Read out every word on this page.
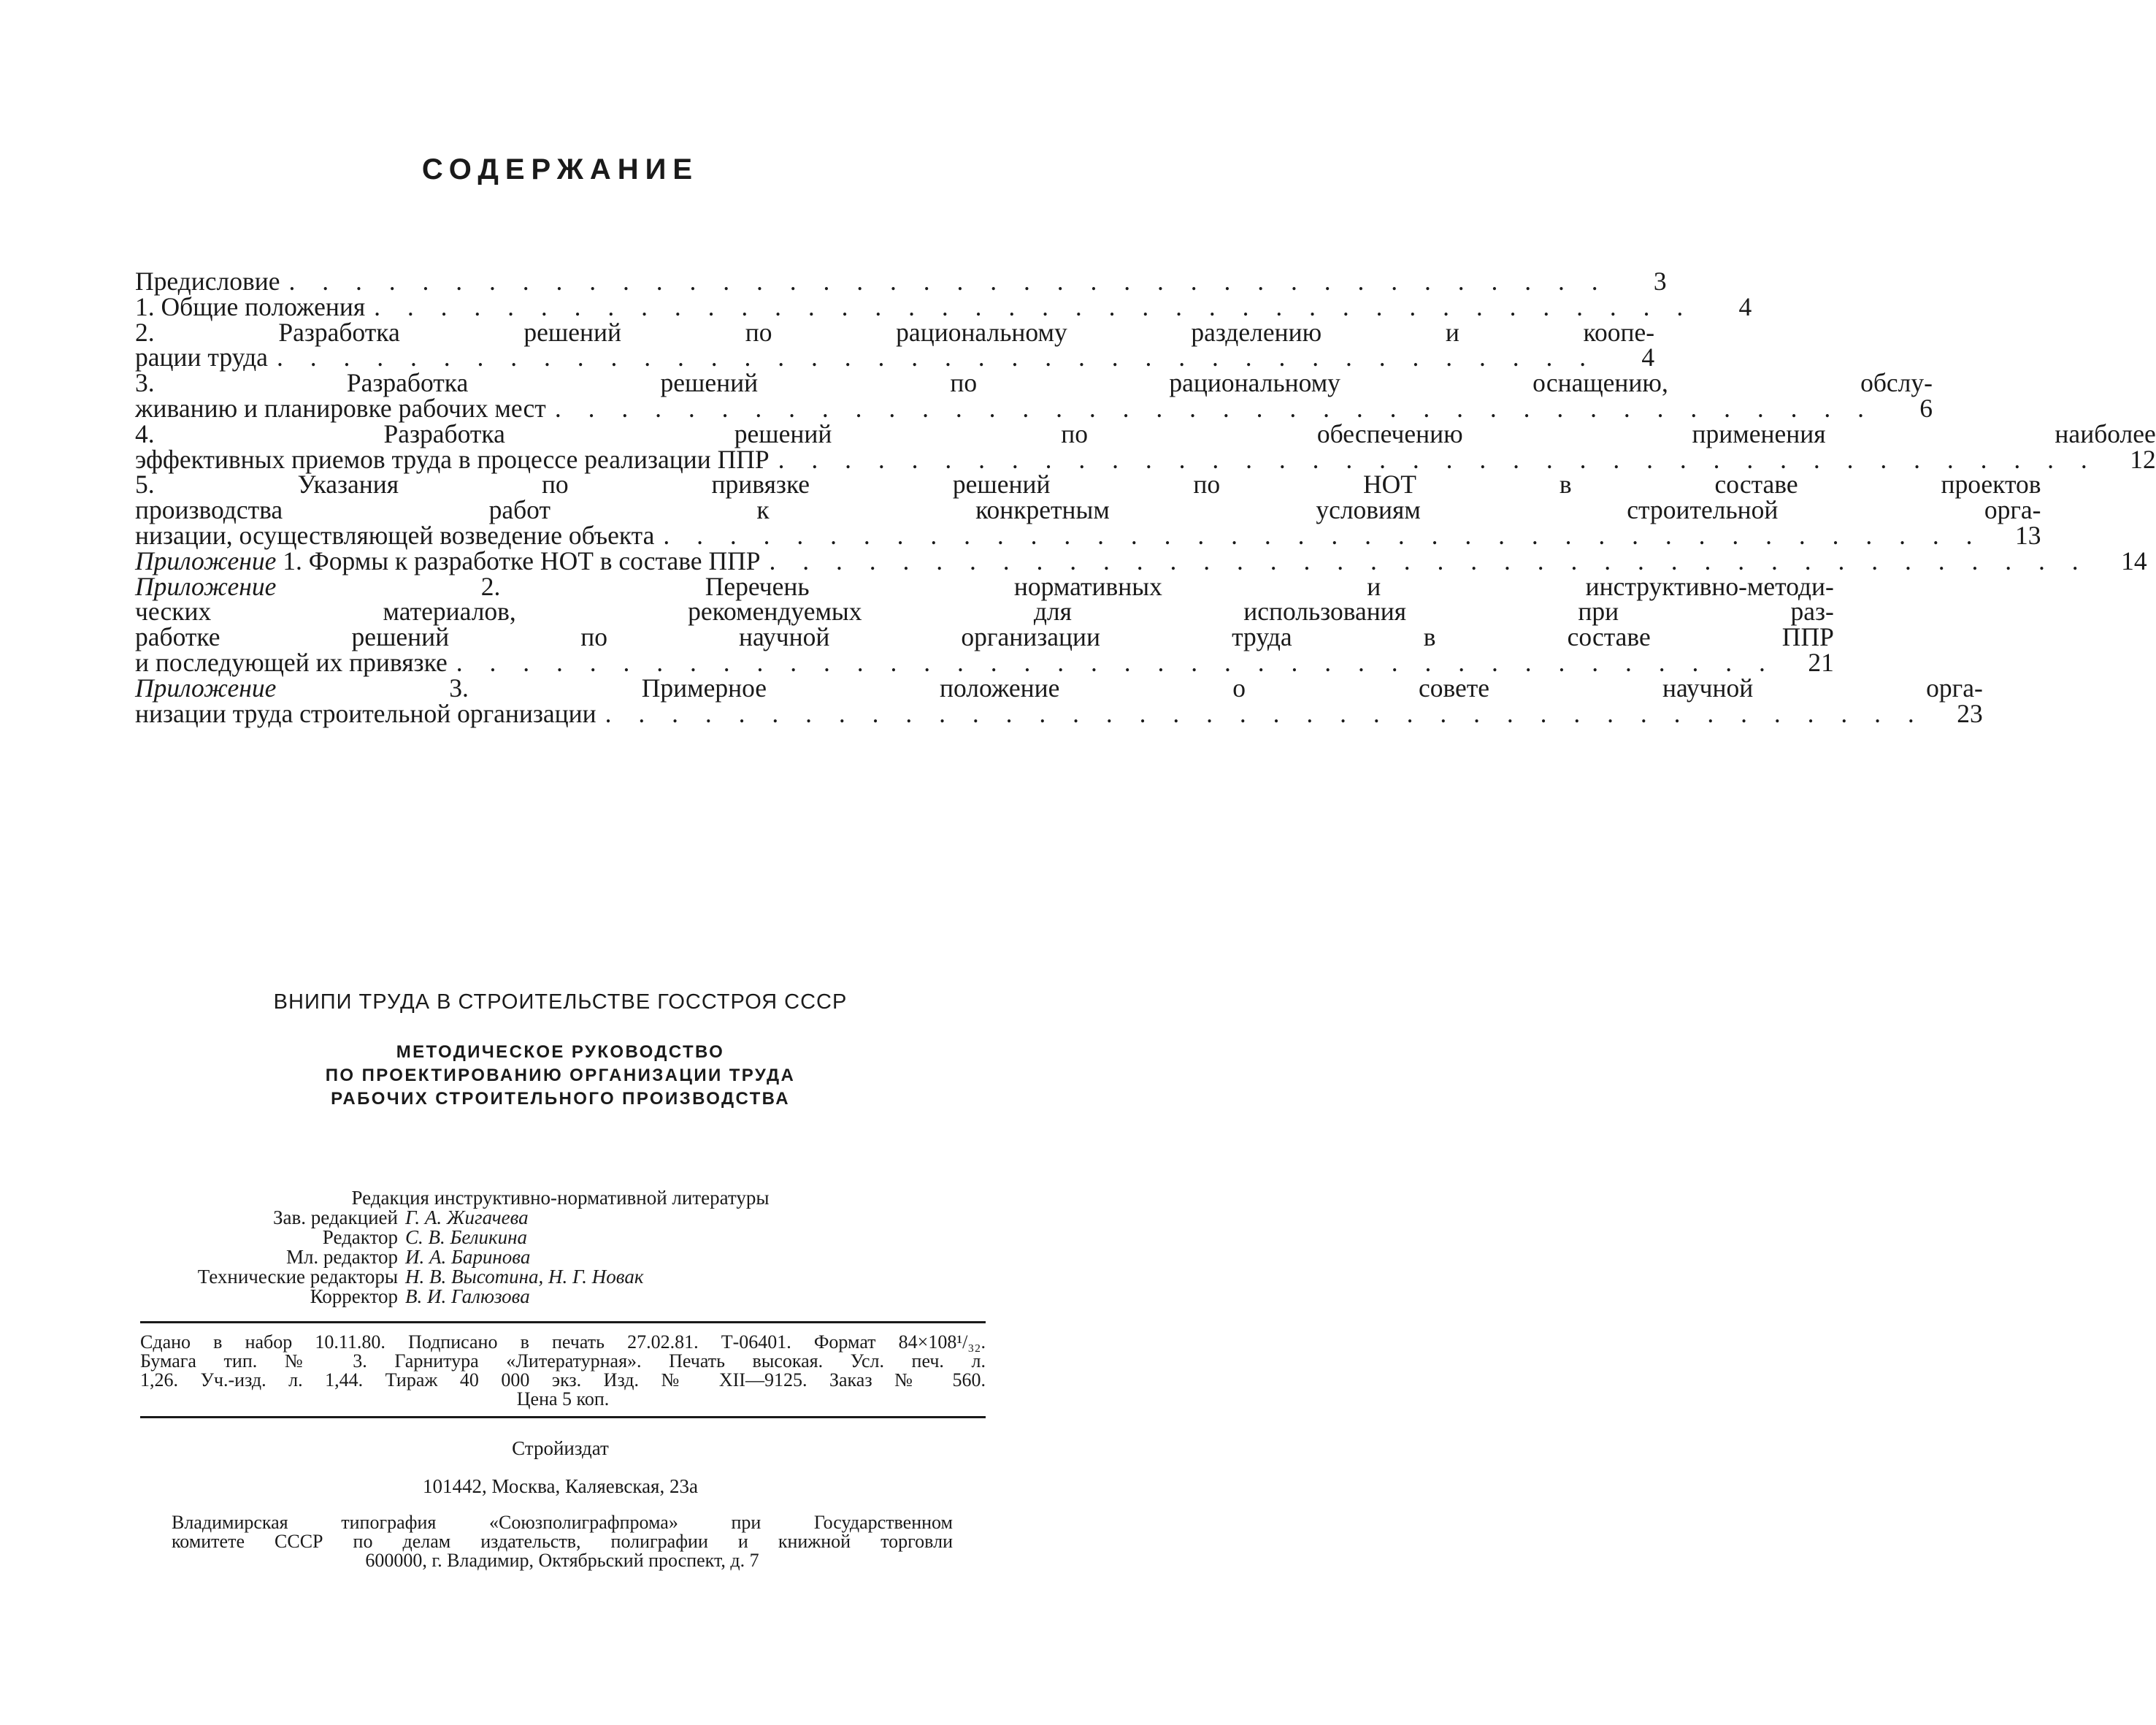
СОДЕРЖАНИЕ
Предисловие . . . . . . . . . . . . . . . . . . . . . . . . . . . . . . . . . . . . . . . .	3
1. Общие положения . . . . . . . . . . . . . . . . . . . . . . . . . . . . . . . . . . . . . . . .	4
2. Разработка решений по рациональному разделению и коопе-
рации труда . . . . . . . . . . . . . . . . . . . . . . . . . . . . . . . . . . . . . . . .	4
3. Разработка решений по рациональному оснащению, обслу-
живанию и планировке рабочих мест . . . . . . . . . . . . . . . . . . . . . . . . . . . . . . . . . . . . . . . .	6
4. Разработка решений по обеспечению применения наиболее
эффективных приемов труда в процессе реализации ППР . . . . . . . . . . . . . . . . . . . . . . . . . . . . . . . . . . . . . . . .	12
5. Указания по привязке решений по НОТ в составе проектов
производства работ к конкретным условиям строительной орга-
низации, осуществляющей возведение объекта . . . . . . . . . . . . . . . . . . . . . . . . . . . . . . . . . . . . . . . .	13
Приложение 1. Формы к разработке НОТ в составе ППР . . . . . . . . . . . . . . . . . . . . . . . . . . . . . . . . . . . . . . . .	14
Приложение 2. Перечень нормативных и инструктивно-методи-
ческих материалов, рекомендуемых для использования при раз-
работке решений по научной организации труда в составе ППР
и последующей их привязке . . . . . . . . . . . . . . . . . . . . . . . . . . . . . . . . . . . . . . . .	21
Приложение 3. Примерное положение о совете научной орга-
низации труда строительной организации . . . . . . . . . . . . . . . . . . . . . . . . . . . . . . . . . . . . . . . .	23
ВНИПИ ТРУДА В СТРОИТЕЛЬСТВЕ ГОССТРОЯ СССР
МЕТОДИЧЕСКОЕ РУКОВОДСТВО
ПО ПРОЕКТИРОВАНИЮ ОРГАНИЗАЦИИ ТРУДА
РАБОЧИХ СТРОИТЕЛЬНОГО ПРОИЗВОДСТВА
Редакция инструктивно-нормативной литературы
Зав. редакцией Г. А. Жигачева
Редактор С. В. Беликина
Мл. редактор И. А. Баринова
Технические редакторы Н. В. Высотина, Н. Г. Новак
Корректор В. И. Галюзова
Сдано в набор 10.11.80. Подписано в печать 27.02.81. Т-06401. Формат 84×108¹/₃₂.
Бумага тип. № 3. Гарнитура «Литературная». Печать высокая. Усл. печ. л.
1,26. Уч.-изд. л. 1,44. Тираж 40 000 экз. Изд. № XII—9125. Заказ № 560.
Цена 5 коп.
Стройиздат
101442, Москва, Каляевская, 23а
Владимирская типография «Союзполиграфпрома» при Государственном
комитете СССР по делам издательств, полиграфии и книжной торговли
600000, г. Владимир, Октябрьский проспект, д. 7
